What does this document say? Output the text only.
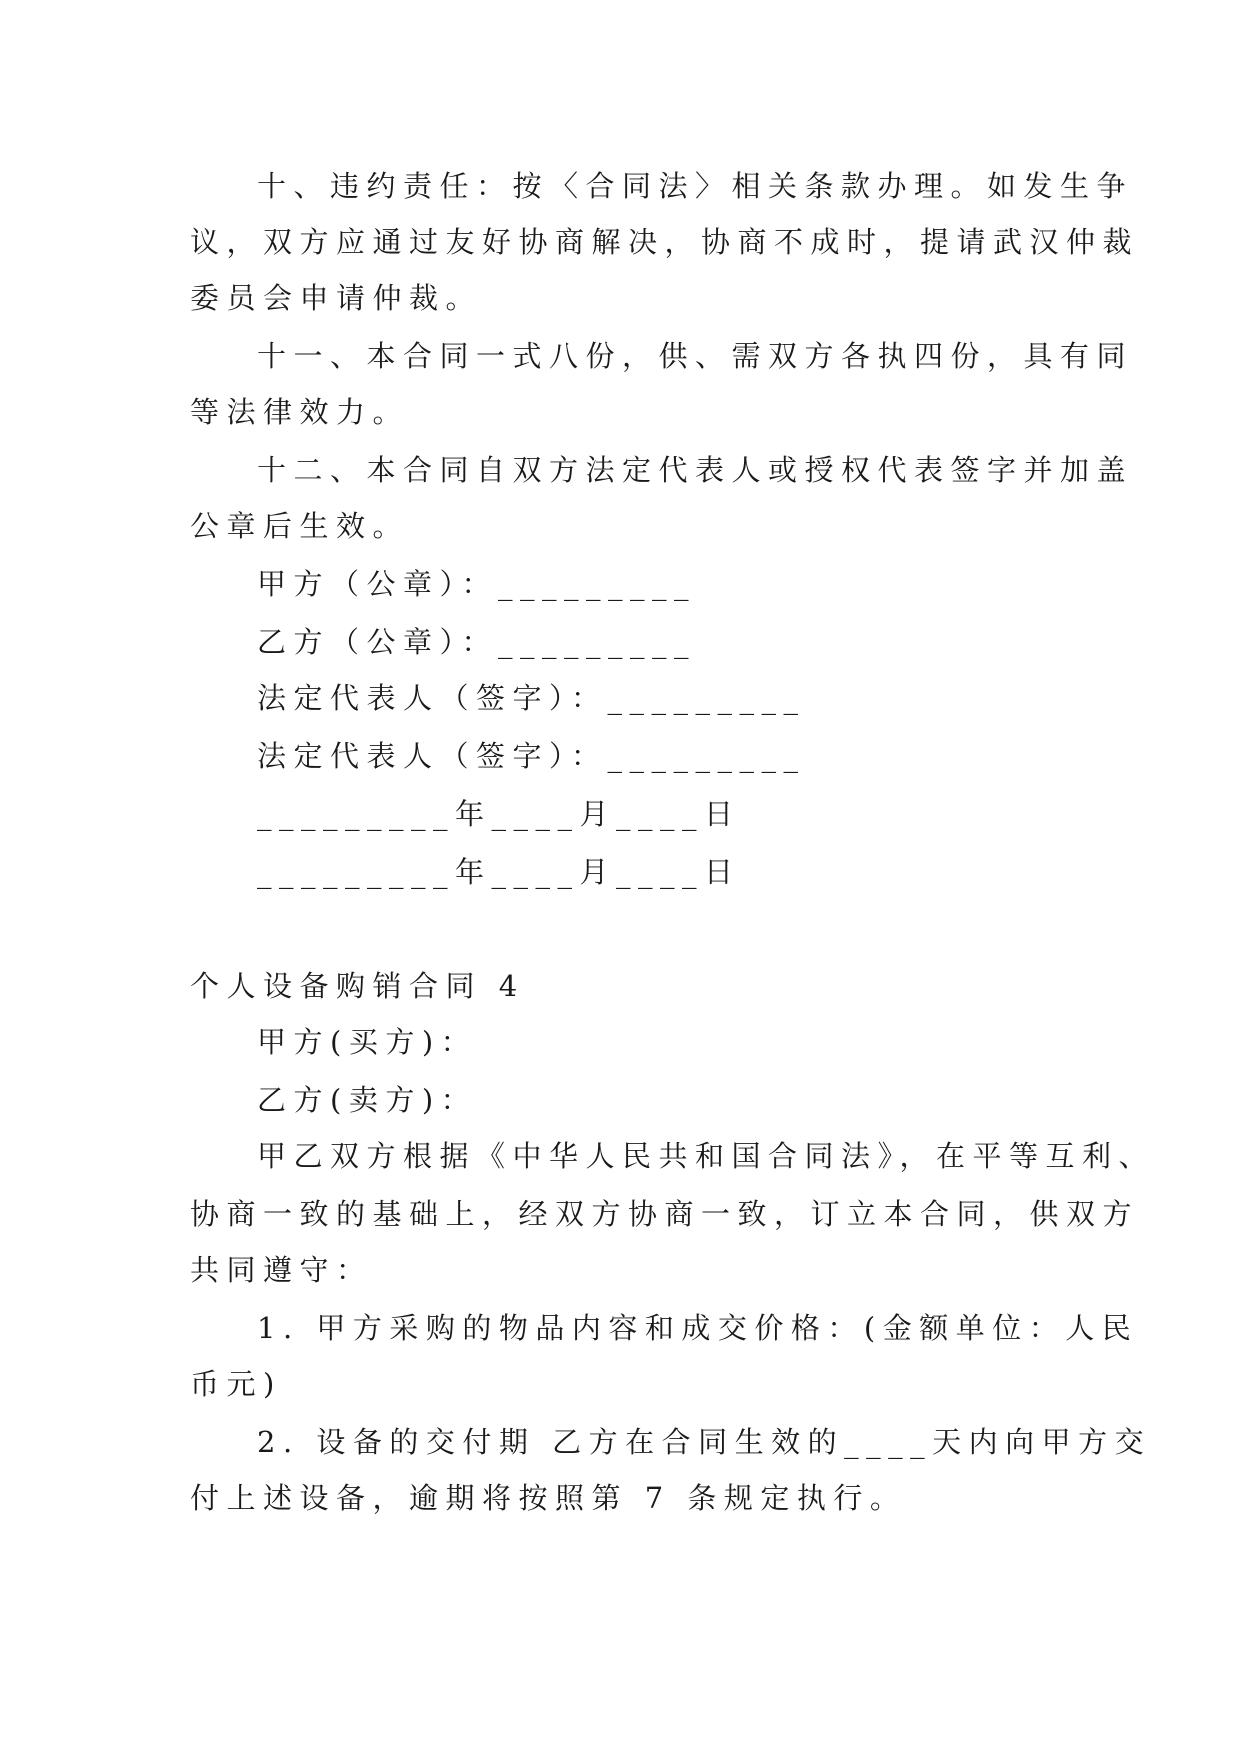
十、违约责任：按〈合同法〉相关条款办理。如发生争
议，双方应通过友好协商解决，协商不成时，提请武汉仲裁
委员会申请仲裁。
十一、本合同一式八份，供、需双方各执四份，具有同
等法律效力。
十二、本合同自双方法定代表人或授权代表签字并加盖
公章后生效。
甲方（公章）：_________
乙方（公章）：_________
法定代表人（签字）：_________
法定代表人（签字）：_________
_________年____月____日
_________年____月____日
个人设备购销合同 4
甲方(买方)：
乙方(卖方)：
甲乙双方根据《中华人民共和国合同法》，在平等互利、
协商一致的基础上，经双方协商一致，订立本合同，供双方
共同遵守：
1. 甲方采购的物品内容和成交价格：(金额单位：人民
币元)
2. 设备的交付期 乙方在合同生效的____天内向甲方交
付上述设备，逾期将按照第 7 条规定执行。
